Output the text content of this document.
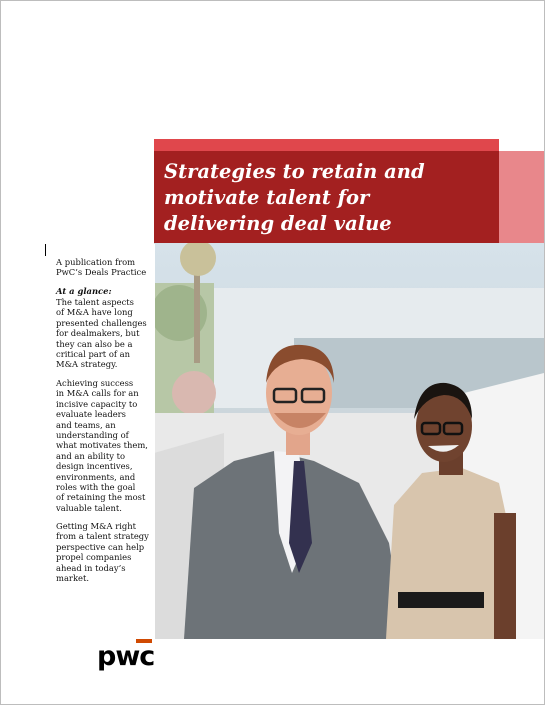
Strategies to retain and
motivate talent for
delivering deal value
A publication from
PwC’s Deals Practice
At a glance:
The talent aspects
of M&A have long
presented challenges
for dealmakers, but
they can also be a
critical part of an
M&A strategy.
Achieving success
in M&A calls for an
incisive capacity to
evaluate leaders
and teams, an
understanding of
what motivates them,
and an ability to
design incentives,
environments, and
roles with the goal
of retaining the most
valuable talent.
Getting M&A right
from a talent strategy
perspective can help
propel companies
ahead in today’s
market.
pwc
